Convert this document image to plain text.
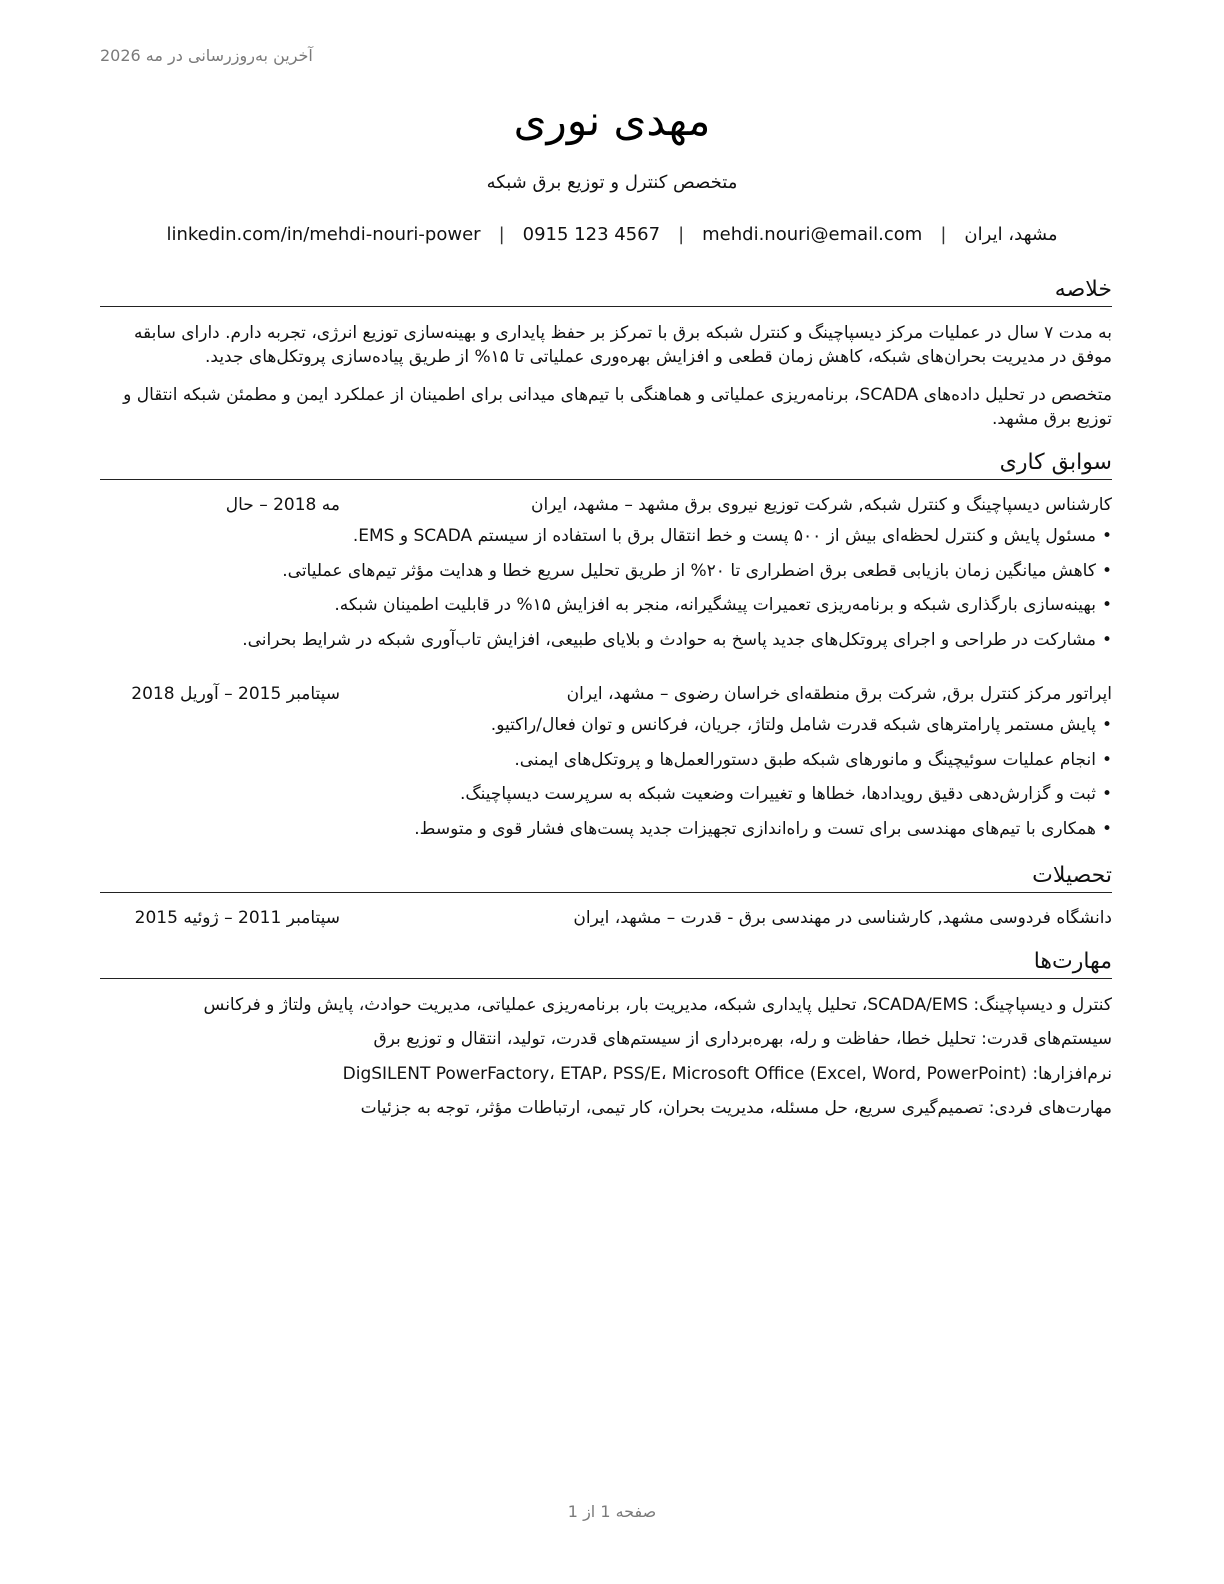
آخرین به‌روزرسانی در مه 2026
مهدی نوری
متخصص کنترل و توزیع برق شبکه
مشهد، ایران
|
mehdi.nouri@email.com
|
0915 123 4567
|
linkedin.com/in/mehdi-nouri-power
خلاصه
به مدت ۷ سال در عملیات مرکز دیسپاچینگ و کنترل شبکه برق با تمرکز بر حفظ پایداری و بهینه‌سازی توزیع انرژی، تجربه دارم. دارای سابقه موفق در مدیریت بحران‌های شبکه، کاهش زمان قطعی و افزایش بهره‌وری عملیاتی تا ۱۵% از طریق پیاده‌سازی پروتکل‌های جدید.
متخصص در تحلیل داده‌های SCADA، برنامه‌ریزی عملیاتی و هماهنگی با تیم‌های میدانی برای اطمینان از عملکرد ایمن و مطمئن شبکه انتقال و توزیع برق مشهد.
سوابق کاری
کارشناس دیسپاچینگ و کنترل شبکه, شرکت توزیع نیروی برق مشهد – مشهد، ایران
مه 2018 – حال
•مسئول پایش و کنترل لحظه‌ای بیش از ۵۰۰ پست و خط انتقال برق با استفاده از سیستم SCADA و EMS.
•کاهش میانگین زمان بازیابی قطعی برق اضطراری تا ۲۰% از طریق تحلیل سریع خطا و هدایت مؤثر تیم‌های عملیاتی.
•بهینه‌سازی بارگذاری شبکه و برنامه‌ریزی تعمیرات پیشگیرانه، منجر به افزایش ۱۵% در قابلیت اطمینان شبکه.
•مشارکت در طراحی و اجرای پروتکل‌های جدید پاسخ به حوادث و بلایای طبیعی، افزایش تاب‌آوری شبکه در شرایط بحرانی.
اپراتور مرکز کنترل برق, شرکت برق منطقه‌ای خراسان رضوی – مشهد، ایران
سپتامبر 2015 – آوریل 2018
•پایش مستمر پارامترهای شبکه قدرت شامل ولتاژ، جریان، فرکانس و توان فعال/راکتیو.
•انجام عملیات سوئیچینگ و مانورهای شبکه طبق دستورالعمل‌ها و پروتکل‌های ایمنی.
•ثبت و گزارش‌دهی دقیق رویدادها، خطاها و تغییرات وضعیت شبکه به سرپرست دیسپاچینگ.
•همکاری با تیم‌های مهندسی برای تست و راه‌اندازی تجهیزات جدید پست‌های فشار قوی و متوسط.
تحصیلات
دانشگاه فردوسی مشهد, کارشناسی در مهندسی برق - قدرت – مشهد، ایران
سپتامبر 2011 – ژوئیه 2015
مهارت‌ها
کنترل و دیسپاچینگ: SCADA/EMS، تحلیل پایداری شبکه، مدیریت بار، برنامه‌ریزی عملیاتی، مدیریت حوادث، پایش ولتاژ و فرکانس
سیستم‌های قدرت: تحلیل خطا، حفاظت و رله، بهره‌برداری از سیستم‌های قدرت، تولید، انتقال و توزیع برق
نرم‌افزارها: DigSILENT PowerFactory، ETAP، PSS/E، Microsoft Office (Excel, Word, PowerPoint)
مهارت‌های فردی: تصمیم‌گیری سریع، حل مسئله، مدیریت بحران، کار تیمی، ارتباطات مؤثر، توجه به جزئیات
صفحه 1 از 1
